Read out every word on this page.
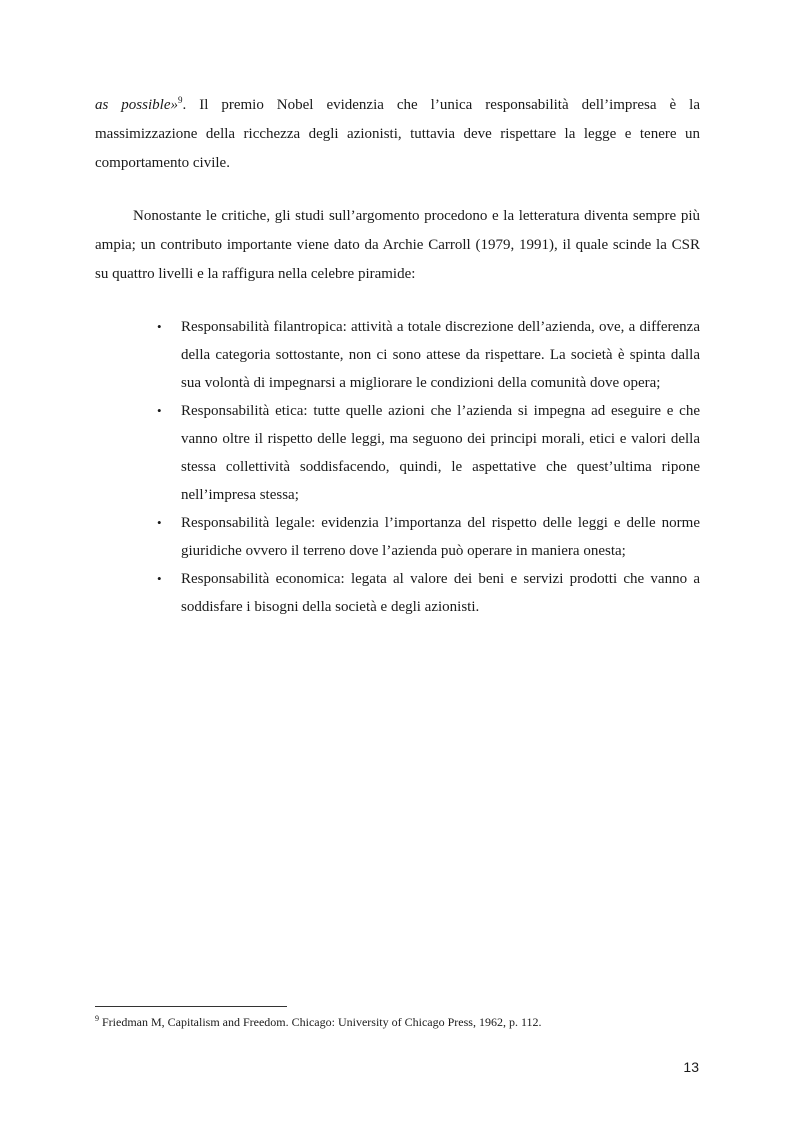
as possible»$^9$. Il premio Nobel evidenzia che l’unica responsabilità dell’impresa è la massimizzazione della ricchezza degli azionisti, tuttavia deve rispettare la legge e tenere un comportamento civile.

Nonostante le critiche, gli studi sull’argomento procedono e la letteratura diventa sempre più ampia; un contributo importante viene dato da Archie Carroll (1979, 1991), il quale scinde la CSR su quattro livelli e la raffigura nella celebre piramide:

•	Responsabilità filantropica: attività a totale discrezione dell’azienda, ove, a differenza della categoria sottostante, non ci sono attese da rispettare. La società è spinta dalla sua volontà di impegnarsi a migliorare le condizioni della comunità dove opera;
•	Responsabilità etica: tutte quelle azioni che l’azienda si impegna ad eseguire e che vanno oltre il rispetto delle leggi, ma seguono dei principi morali, etici e valori della stessa collettività soddisfacendo, quindi, le aspettative che quest’ultima ripone nell’impresa stessa;
•	Responsabilità legale: evidenzia l’importanza del rispetto delle leggi e delle norme giuridiche ovvero il terreno dove l’azienda può operare in maniera onesta;
•	Responsabilità economica: legata al valore dei beni e servizi prodotti che vanno a soddisfare i bisogni della società e degli azionisti.
$^9$ Friedman M, Capitalism and Freedom. Chicago: University of Chicago Press, 1962, p. 112.
13
